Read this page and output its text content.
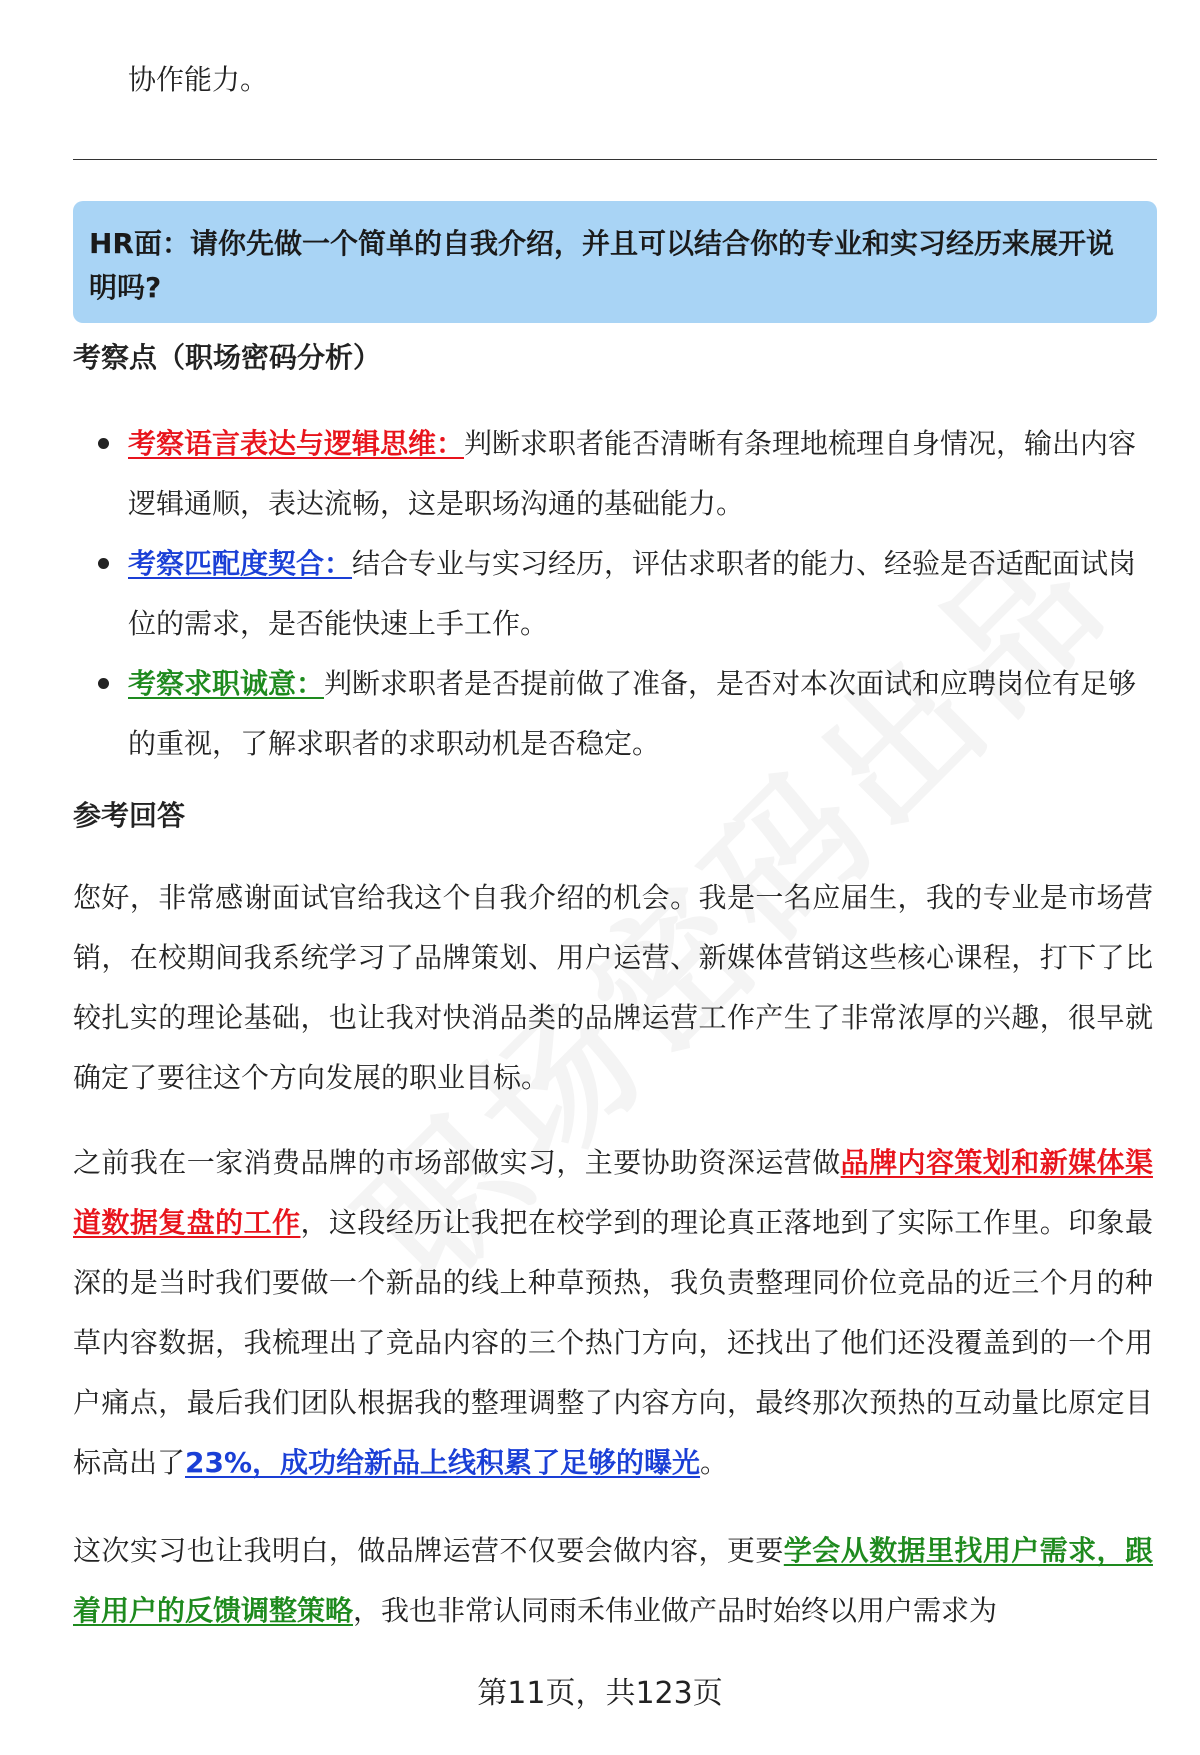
协作能力。
HR面：请你先做一个简单的自我介绍，并且可以结合你的专业和实习经历来展开说明吗?
考察点（职场密码分析）
考察语言表达与逻辑思维：判断求职者能否清晰有条理地梳理自身情况，输出内容逻辑通顺，表达流畅，这是职场沟通的基础能力。
考察匹配度契合：结合专业与实习经历，评估求职者的能力、经验是否适配面试岗位的需求，是否能快速上手工作。
考察求职诚意：判断求职者是否提前做了准备，是否对本次面试和应聘岗位有足够的重视，了解求职者的求职动机是否稳定。
参考回答
您好，非常感谢面试官给我这个自我介绍的机会。我是一名应届生，我的专业是市场营销，在校期间我系统学习了品牌策划、用户运营、新媒体营销这些核心课程，打下了比较扎实的理论基础，也让我对快消品类的品牌运营工作产生了非常浓厚的兴趣，很早就确定了要往这个方向发展的职业目标。
之前我在一家消费品牌的市场部做实习，主要协助资深运营做品牌内容策划和新媒体渠道数据复盘的工作，这段经历让我把在校学到的理论真正落地到了实际工作里。印象最深的是当时我们要做一个新品的线上种草预热，我负责整理同价位竞品的近三个月的种草内容数据，我梳理出了竞品内容的三个热门方向，还找出了他们还没覆盖到的一个用户痛点，最后我们团队根据我的整理调整了内容方向，最终那次预热的互动量比原定目标高出了23%，成功给新品上线积累了足够的曝光。
这次实习也让我明白，做品牌运营不仅要会做内容，更要学会从数据里找用户需求，跟着用户的反馈调整策略，我也非常认同雨禾伟业做产品时始终以用户需求为
第11页，共123页
